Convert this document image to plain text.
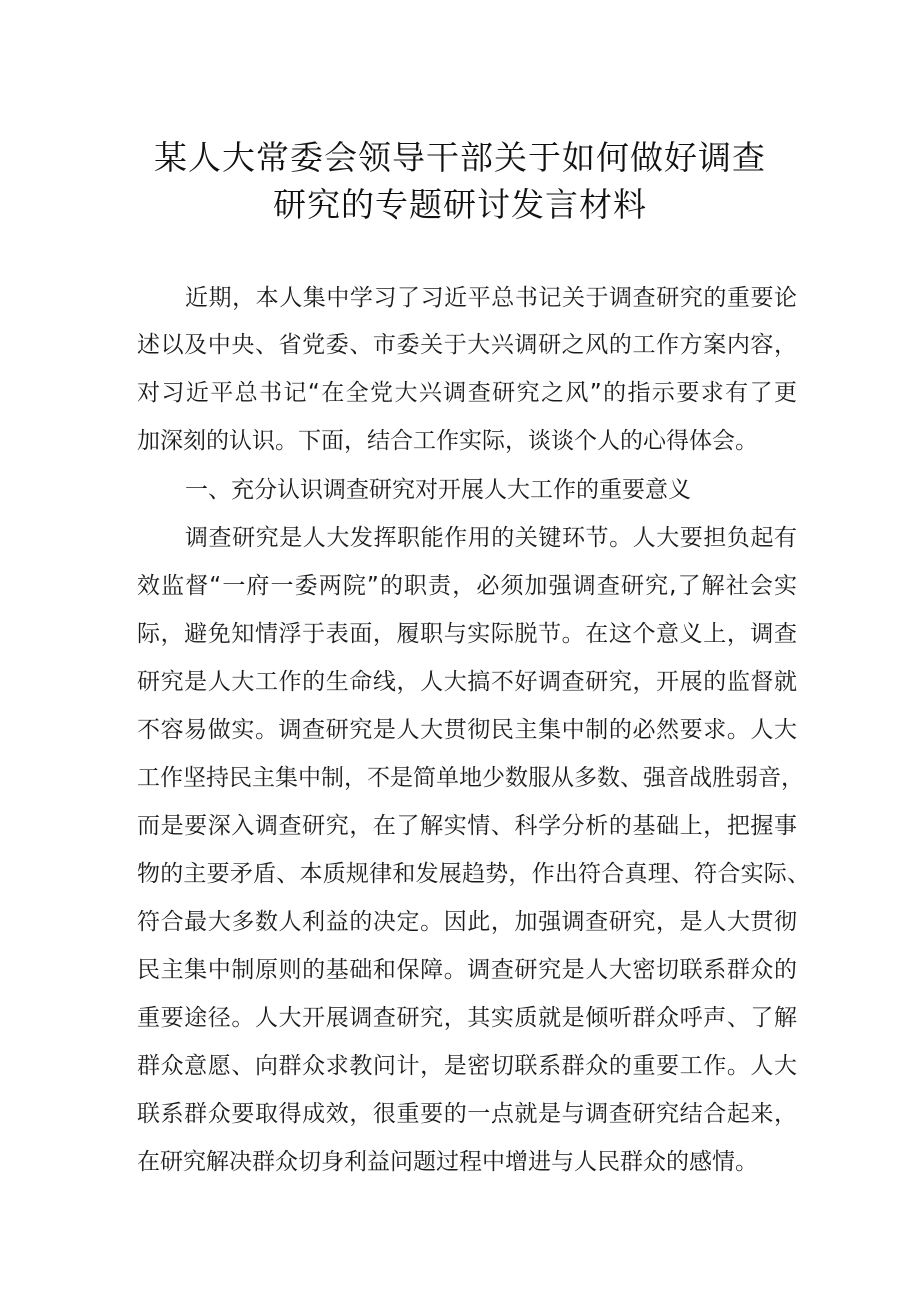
某人大常委会领导干部关于如何做好调查
研究的专题研讨发言材料
近期，本人集中学习了习近平总书记关于调查研究的重要论
述以及中央、省党委、市委关于大兴调研之风的工作方案内容，
对习近平总书记“在全党大兴调查研究之风”的指示要求有了更
加深刻的认识。下面，结合工作实际，谈谈个人的心得体会。
一、充分认识调查研究对开展人大工作的重要意义
调查研究是人大发挥职能作用的关键环节。人大要担负起有
效监督“一府一委两院”的职责，必须加强调查研究,了解社会实
际，避免知情浮于表面，履职与实际脱节。在这个意义上，调查
研究是人大工作的生命线，人大搞不好调查研究，开展的监督就
不容易做实。调查研究是人大贯彻民主集中制的必然要求。人大
工作坚持民主集中制，不是简单地少数服从多数、强音战胜弱音，
而是要深入调查研究，在了解实情、科学分析的基础上，把握事
物的主要矛盾、本质规律和发展趋势，作出符合真理、符合实际、
符合最大多数人利益的决定。因此，加强调查研究，是人大贯彻
民主集中制原则的基础和保障。调查研究是人大密切联系群众的
重要途径。人大开展调查研究，其实质就是倾听群众呼声、了解
群众意愿、向群众求教问计，是密切联系群众的重要工作。人大
联系群众要取得成效，很重要的一点就是与调查研究结合起来，
在研究解决群众切身利益问题过程中增进与人民群众的感情。
